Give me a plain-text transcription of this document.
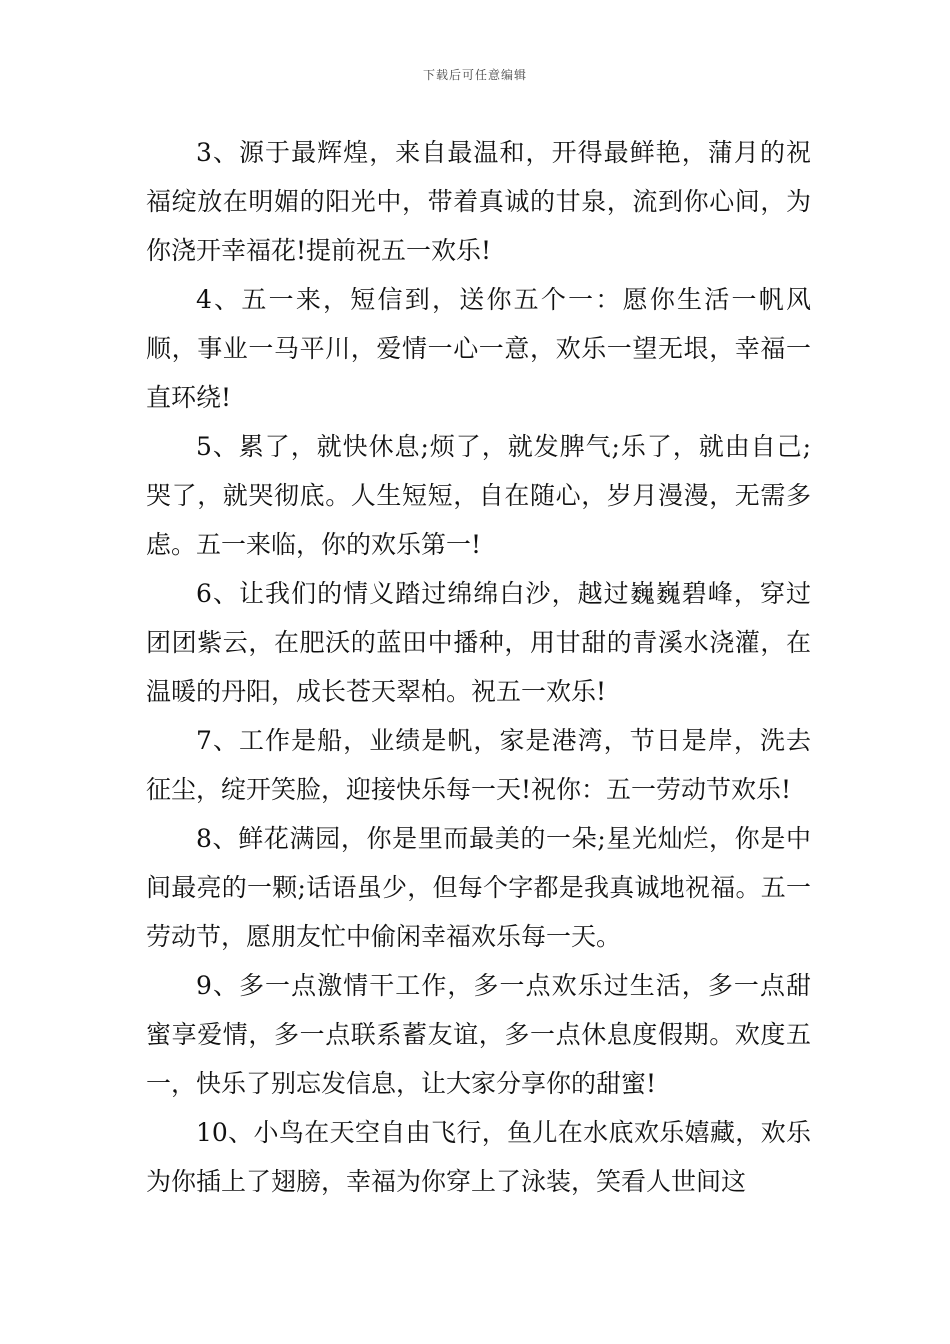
下载后可任意编辑

3、源于最辉煌，来自最温和，开得最鲜艳，蒲月的祝福绽放在明媚的阳光中，带着真诚的甘泉，流到你心间，为你浇开幸福花!提前祝五一欢乐!

4、五一来，短信到，送你五个一：愿你生活一帆风顺，事业一马平川，爱情一心一意，欢乐一望无垠，幸福一直环绕!

5、累了，就快休息;烦了，就发脾气;乐了，就由自己;哭了，就哭彻底。人生短短，自在随心，岁月漫漫，无需多虑。五一来临，你的欢乐第一!

6、让我们的情义踏过绵绵白沙，越过巍巍碧峰，穿过团团紫云，在肥沃的蓝田中播种，用甘甜的青溪水浇灌，在温暖的丹阳，成长苍天翠柏。祝五一欢乐!

7、工作是船，业绩是帆，家是港湾，节日是岸，洗去征尘，绽开笑脸，迎接快乐每一天!祝你：五一劳动节欢乐!

8、鲜花满园，你是里而最美的一朵;星光灿烂，你是中间最亮的一颗;话语虽少，但每个字都是我真诚地祝福。五一劳动节，愿朋友忙中偷闲幸福欢乐每一天。

9、多一点激情干工作，多一点欢乐过生活，多一点甜蜜享爱情，多一点联系蓄友谊，多一点休息度假期。欢度五一，快乐了别忘发信息，让大家分享你的甜蜜!

10、小鸟在天空自由飞行，鱼儿在水底欢乐嬉藏，欢乐为你插上了翅膀，幸福为你穿上了泳装，笑看人世间这
